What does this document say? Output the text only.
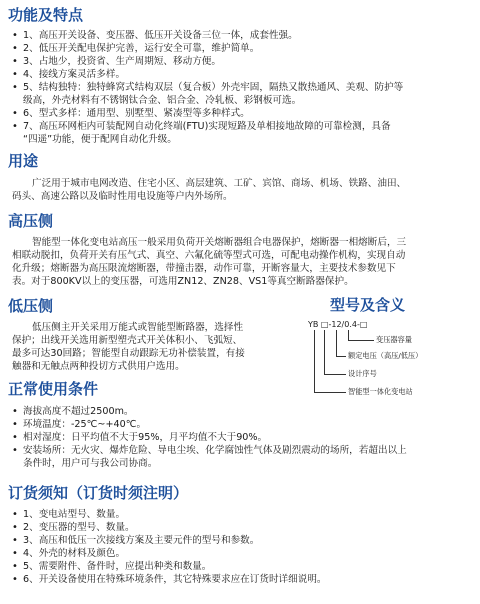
功能及特点
• 1、高压开关设备、变压器、低压开关设备三位一体，成套性强。
• 2、低压开关配电保护完善，运行安全可靠，维护简单。
• 3、占地少，投资省、生产周期短、移动方便。
• 4、接线方案灵活多样。
• 5、结构独特：独特蜂窝式结构双层（复合板）外壳牢固，隔热又散热通风、美观、防护等
级高，外壳材料有不锈钢钛合金、铝合金、冷轧板、彩钢板可选。
• 6、型式多样：通用型、别墅型、紧凑型等多种样式。
• 7、高压环网柜内可装配网自动化终端(FTU)实现短路及单相接地故障的可靠检测，具备
“四遥”功能，便于配网自动化升级。
用途
广泛用于城市电网改造、住宅小区、高层建筑、工矿、宾馆、商场、机场、铁路、油田、
码头、高速公路以及临时性用电设施等户内外场所。
高压侧
智能型一体化变电站高压一般采用负荷开关熔断器组合电器保护，熔断器一相熔断后，三
相联动脱扣，负荷开关有压气式、真空、六氟化硫等型式可选，可配电动操作机构，实现自动
化升级；熔断器为高压限流熔断器，带撞击器，动作可靠，开断容量大，主要技术参数见下
表。对于800KV以上的变压器，可选用ZN12、ZN28、VS1等真空断路器保护。
低压侧
低压侧主开关采用万能式或智能型断路器，选择性
保护；出线开关选用新型塑壳式开关体积小、飞弧短、
最多可达30回路；智能型自动跟踪无功补偿装置，有接
触器和无触点两种投切方式供用户选用。
型号及含义
YB □-12/0.4-□
变压器容量
额定电压（高压/低压）
设计序号
智能型一体化变电站
正常使用条件
• 海拔高度不超过2500m。
• 环境温度：-25℃~+40℃。
• 相对湿度：日平均值不大于95%，月平均值不大于90%。
• 安装场所：无火灾、爆炸危险、导电尘埃、化学腐蚀性气体及剧烈震动的场所，若超出以上
条件时，用户可与我公司协商。
订货须知（订货时须注明）
• 1、变电站型号、数量。
• 2、变压器的型号、数量。
• 3、高压和低压一次接线方案及主要元件的型号和参数。
• 4、外壳的材料及颜色。
• 5、需要附件、备件时，应提出种类和数量。
• 6、开关设备使用在特殊环境条件，其它特殊要求应在订货时详细说明。
